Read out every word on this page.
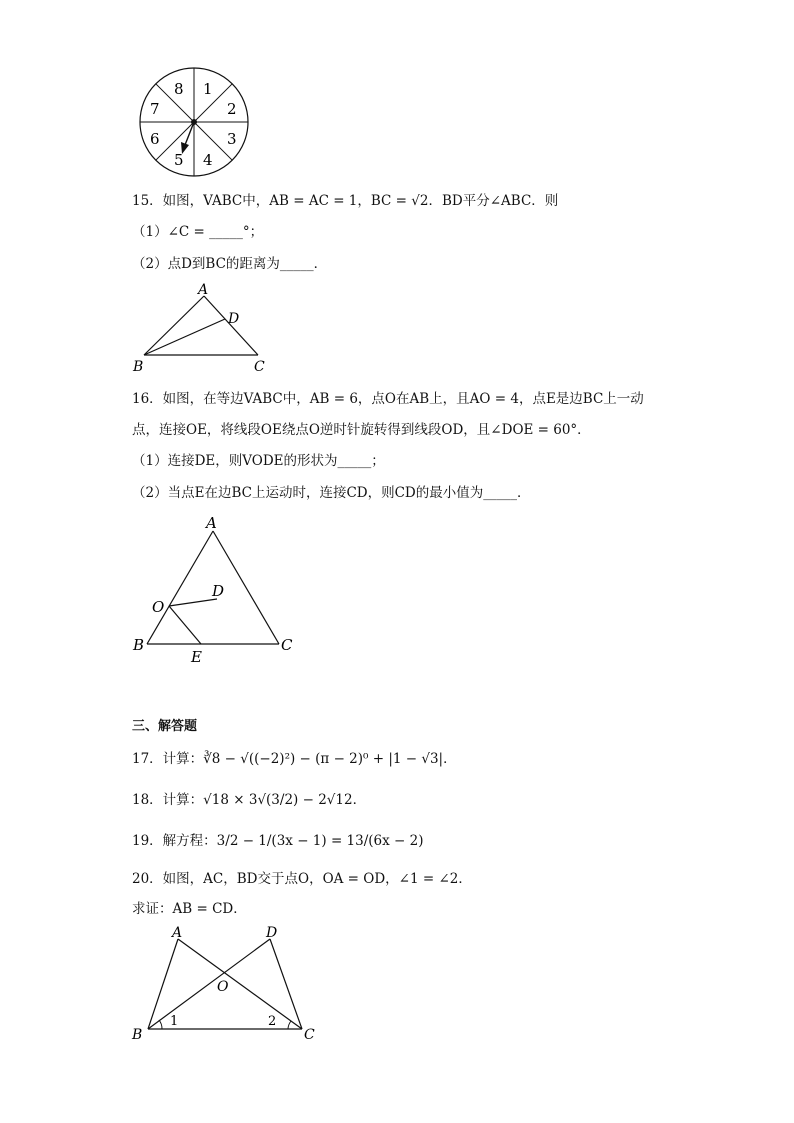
1
2
3
4
5
6
7
8
15．如图，VABC中，AB = AC = 1，BC = √2．BD平分∠ABC．则
（1）∠C = _____°；
（2）点D到BC的距离为_____．
A
D
B	C
16．如图，在等边VABC中，AB = 6，点O在AB上，且AO = 4，点E是边BC上一动
点，连接OE，将线段OE绕点O逆时针旋转得到线段OD，且∠DOE = 60°．
（1）连接DE，则VODE的形状为_____；
（2）当点E在边BC上运动时，连接CD，则CD的最小值为_____．
A
D
O
B
E
C
三、解答题
17．计算：∛8 − √((−2)²) − (π − 2)⁰ + |1 − √3|．
18．计算：√18 × 3√(3/2) − 2√12．
19．解方程：3/2 − 1/(3x − 1) = 13/(6x − 2)
20．如图，AC，BD交于点O，OA = OD，∠1 = ∠2．
求证：AB = CD．
A	D
O
B	C
1	2
